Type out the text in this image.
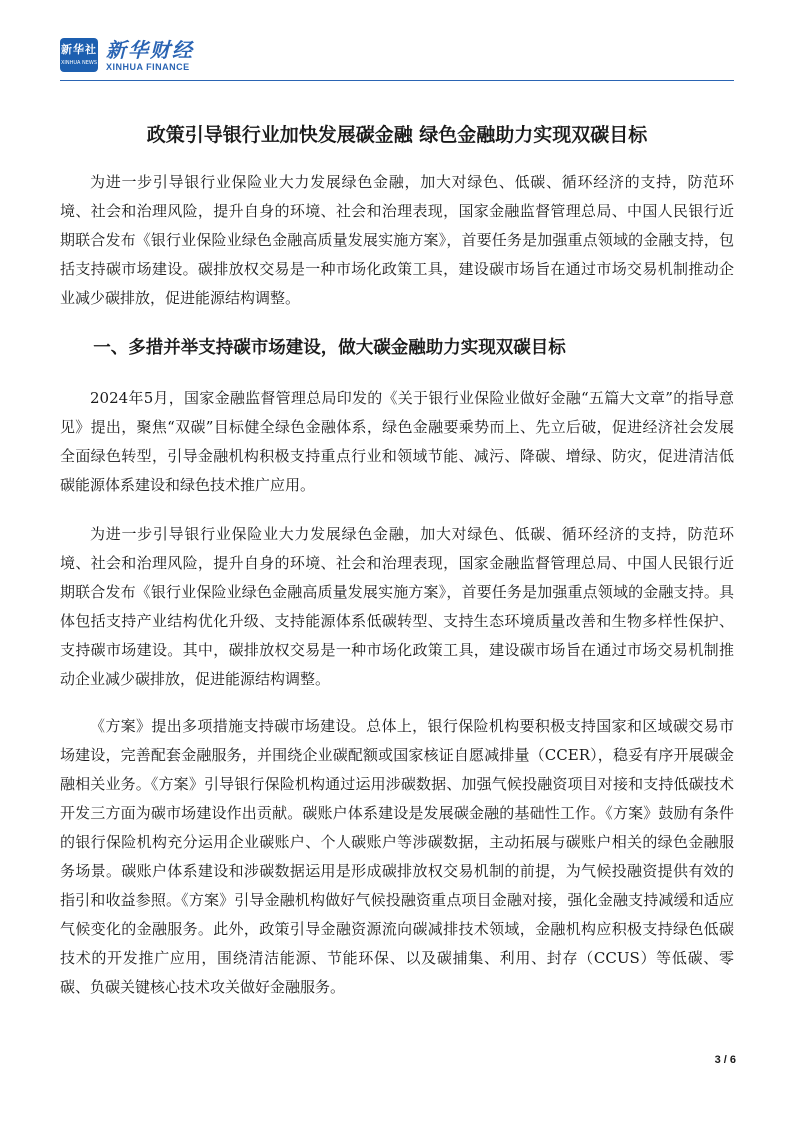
新华社
XINHUA NEWS
新华财经
XINHUA FINANCE
政策引导银行业加快发展碳金融 绿色金融助力实现双碳目标

为进一步引导银行业保险业大力发展绿色金融，加大对绿色、低碳、循环经济的支持，防范环境、社会和治理风险，提升自身的环境、社会和治理表现，国家金融监督管理总局、中国人民银行近期联合发布《银行业保险业绿色金融高质量发展实施方案》，首要任务是加强重点领域的金融支持，包括支持碳市场建设。碳排放权交易是一种市场化政策工具，建设碳市场旨在通过市场交易机制推动企业减少碳排放，促进能源结构调整。

一、多措并举支持碳市场建设，做大碳金融助力实现双碳目标

2024年5月，国家金融监督管理总局印发的《关于银行业保险业做好金融“五篇大文章”的指导意见》提出，聚焦“双碳”目标健全绿色金融体系，绿色金融要乘势而上、先立后破，促进经济社会发展全面绿色转型，引导金融机构积极支持重点行业和领域节能、减污、降碳、增绿、防灾，促进清洁低碳能源体系建设和绿色技术推广应用。

为进一步引导银行业保险业大力发展绿色金融，加大对绿色、低碳、循环经济的支持，防范环境、社会和治理风险，提升自身的环境、社会和治理表现，国家金融监督管理总局、中国人民银行近期联合发布《银行业保险业绿色金融高质量发展实施方案》，首要任务是加强重点领域的金融支持。具体包括支持产业结构优化升级、支持能源体系低碳转型、支持生态环境质量改善和生物多样性保护、支持碳市场建设。其中，碳排放权交易是一种市场化政策工具，建设碳市场旨在通过市场交易机制推动企业减少碳排放，促进能源结构调整。

《方案》提出多项措施支持碳市场建设。总体上，银行保险机构要积极支持国家和区域碳交易市场建设，完善配套金融服务，并围绕企业碳配额或国家核证自愿减排量（CCER），稳妥有序开展碳金融相关业务。《方案》引导银行保险机构通过运用涉碳数据、加强气候投融资项目对接和支持低碳技术开发三方面为碳市场建设作出贡献。碳账户体系建设是发展碳金融的基础性工作。《方案》鼓励有条件的银行保险机构充分运用企业碳账户、个人碳账户等涉碳数据，主动拓展与碳账户相关的绿色金融服务场景。碳账户体系建设和涉碳数据运用是形成碳排放权交易机制的前提，为气候投融资提供有效的指引和收益参照。《方案》引导金融机构做好气候投融资重点项目金融对接，强化金融支持减缓和适应气候变化的金融服务。此外，政策引导金融资源流向碳减排技术领域，金融机构应积极支持绿色低碳技术的开发推广应用，围绕清洁能源、节能环保、以及碳捕集、利用、封存（CCUS）等低碳、零碳、负碳关键核心技术攻关做好金融服务。

3 / 6
